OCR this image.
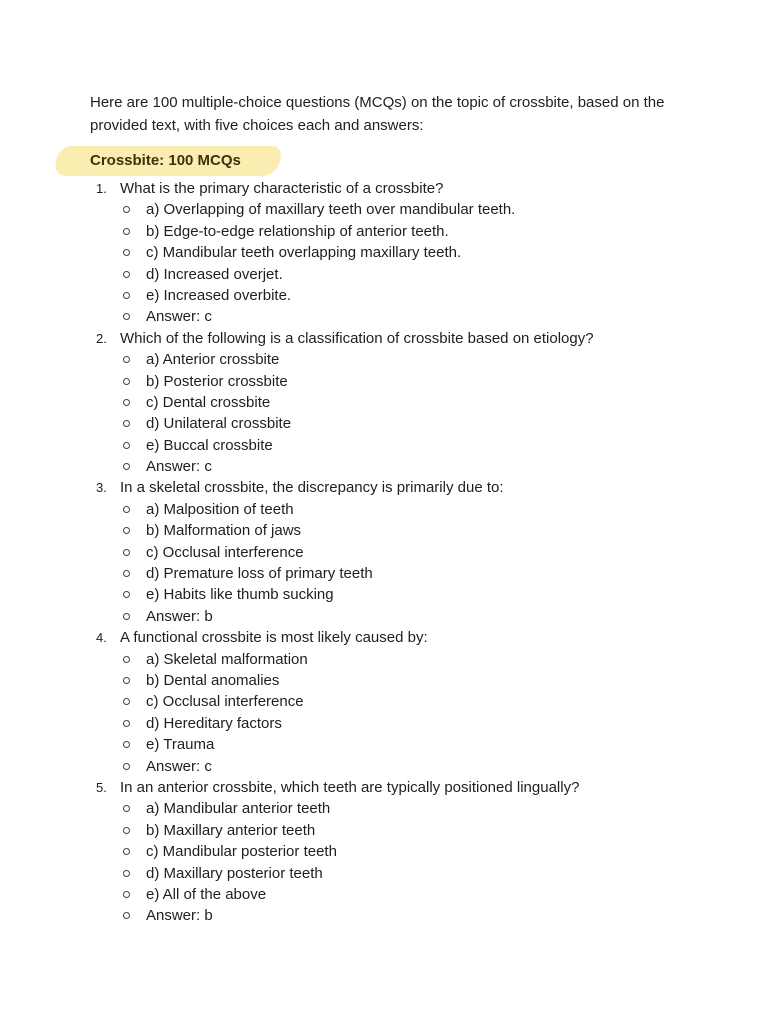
Here are 100 multiple-choice questions (MCQs) on the topic of crossbite, based on the provided text, with five choices each and answers:

Crossbite: 100 MCQs
1. What is the primary characteristic of a crossbite?
a) Overlapping of maxillary teeth over mandibular teeth.
b) Edge-to-edge relationship of anterior teeth.
c) Mandibular teeth overlapping maxillary teeth.
d) Increased overjet.
e) Increased overbite.
Answer: c
2. Which of the following is a classification of crossbite based on etiology?
a) Anterior crossbite
b) Posterior crossbite
c) Dental crossbite
d) Unilateral crossbite
e) Buccal crossbite
Answer: c
3. In a skeletal crossbite, the discrepancy is primarily due to:
a) Malposition of teeth
b) Malformation of jaws
c) Occlusal interference
d) Premature loss of primary teeth
e) Habits like thumb sucking
Answer: b
4. A functional crossbite is most likely caused by:
a) Skeletal malformation
b) Dental anomalies
c) Occlusal interference
d) Hereditary factors
e) Trauma
Answer: c
5. In an anterior crossbite, which teeth are typically positioned lingually?
a) Mandibular anterior teeth
b) Maxillary anterior teeth
c) Mandibular posterior teeth
d) Maxillary posterior teeth
e) All of the above
Answer: b
